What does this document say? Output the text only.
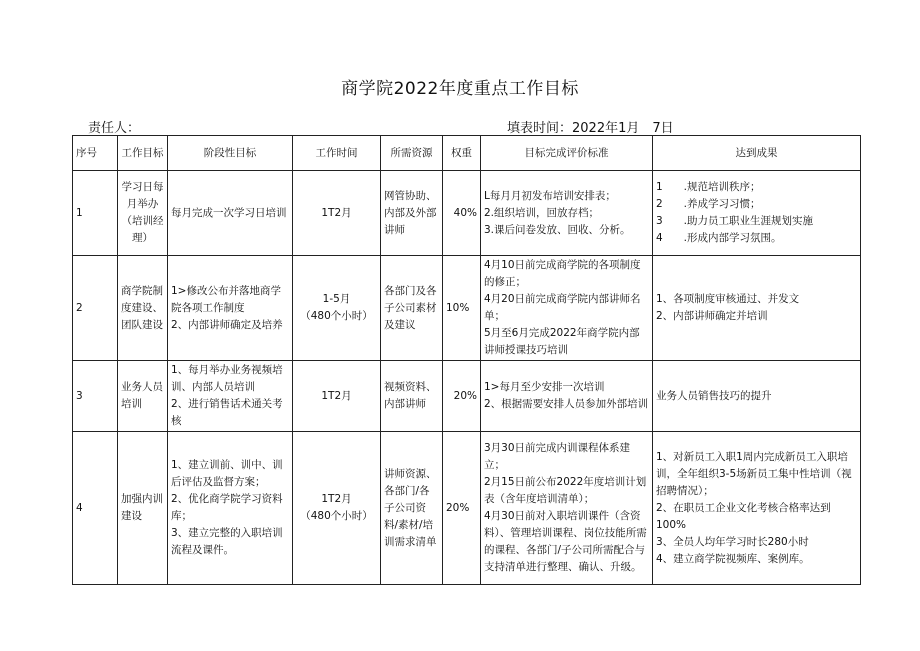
商学院2022年度重点工作目标
责任人：	填表时间：2022年1月　7日
序号	工作目标	阶段性目标	工作时间	所需资源	权重	目标完成评价标准	达到成果
1	学习日每月举办（培训经理）	每月完成一次学习日培训	1T2月	网管协助、内部及外部讲师	40%	L每月月初发布培训安排表；
2.组织培训，回放存档；
3.课后问卷发放、回收、分析。	1　　.规范培训秩序；
2　　.养成学习习惯；
3　　.助力员工职业生涯规划实施
4　　.形成内部学习氛围。

2	商学院制度建设、团队建设	1>修改公布并落地商学院各项工作制度
2、内部讲师确定及培养	1-5月
（480个小时）	各部门及各子公司素材及建议	10%	4月10日前完成商学院的各项制度的修正；
4月20日前完成商学院内部讲师名单；
5月至6月完成2022年商学院内部讲师授课技巧培训	1、各项制度审核通过、并发文
2、内部讲师确定并培训

3	业务人员培训	1、每月举办业务视频培训、内部人员培训
2、进行销售话术通关考核	1T2月	视频资料、内部讲师	20%	1>每月至少安排一次培训
2、根据需要安排人员参加外部培训	业务人员销售技巧的提升

4	加强内训建设	1、建立训前、训中、训后评估及监督方案；
2、优化商学院学习资料库；
3、建立完整的入职培训流程及课件。	1T2月
（480个小时）	讲师资源、各部门/各子公司资料/素材/培训需求清单	20%	3月30日前完成内训课程体系建立；
2月15日前公布2022年度培训计划表（含年度培训清单）；
4月30日前对入职培训课件（含资料）、管理培训课程、岗位技能所需的课程、各部门/子公司所需配合与支持清单进行整理、确认、升级。	1、对新员工入职1周内完成新员工入职培训，全年组织3-5场新员工集中性培训（视招聘情况）；
2、在职员工企业文化考核合格率达到100%
3、全员人均年学习时长280小时
4、建立商学院视频库、案例库。
